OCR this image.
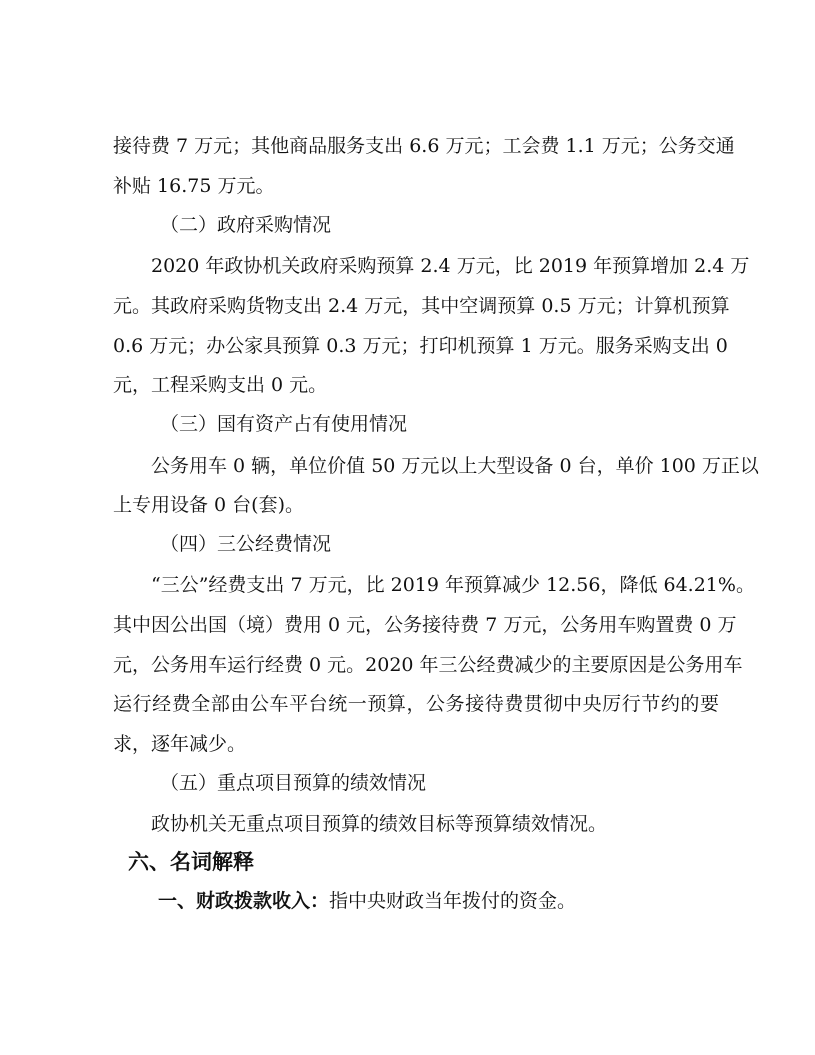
接待费 7 万元；其他商品服务支出 6.6 万元；工会费 1.1 万元；公务交通
补贴 16.75 万元。
（二）政府采购情况
2020 年政协机关政府采购预算 2.4 万元，比 2019 年预算增加 2.4 万
元。其政府采购货物支出 2.4 万元，其中空调预算 0.5 万元；计算机预算
0.6 万元；办公家具预算 0.3 万元；打印机预算 1 万元。服务采购支出 0
元，工程采购支出 0 元。
（三）国有资产占有使用情况
公务用车 0 辆，单位价值 50 万元以上大型设备 0 台，单价 100 万正以
上专用设备 0 台(套)。
（四）三公经费情况
“三公”经费支出 7 万元，比 2019 年预算减少 12.56，降低 64.21%。
其中因公出国（境）费用 0 元，公务接待费 7 万元，公务用车购置费 0 万
元，公务用车运行经费 0 元。2020 年三公经费减少的主要原因是公务用车
运行经费全部由公车平台统一预算，公务接待费贯彻中央厉行节约的要
求，逐年减少。
（五）重点项目预算的绩效情况
政协机关无重点项目预算的绩效目标等预算绩效情况。
六、名词解释
一、财政拨款收入：指中央财政当年拨付的资金。
